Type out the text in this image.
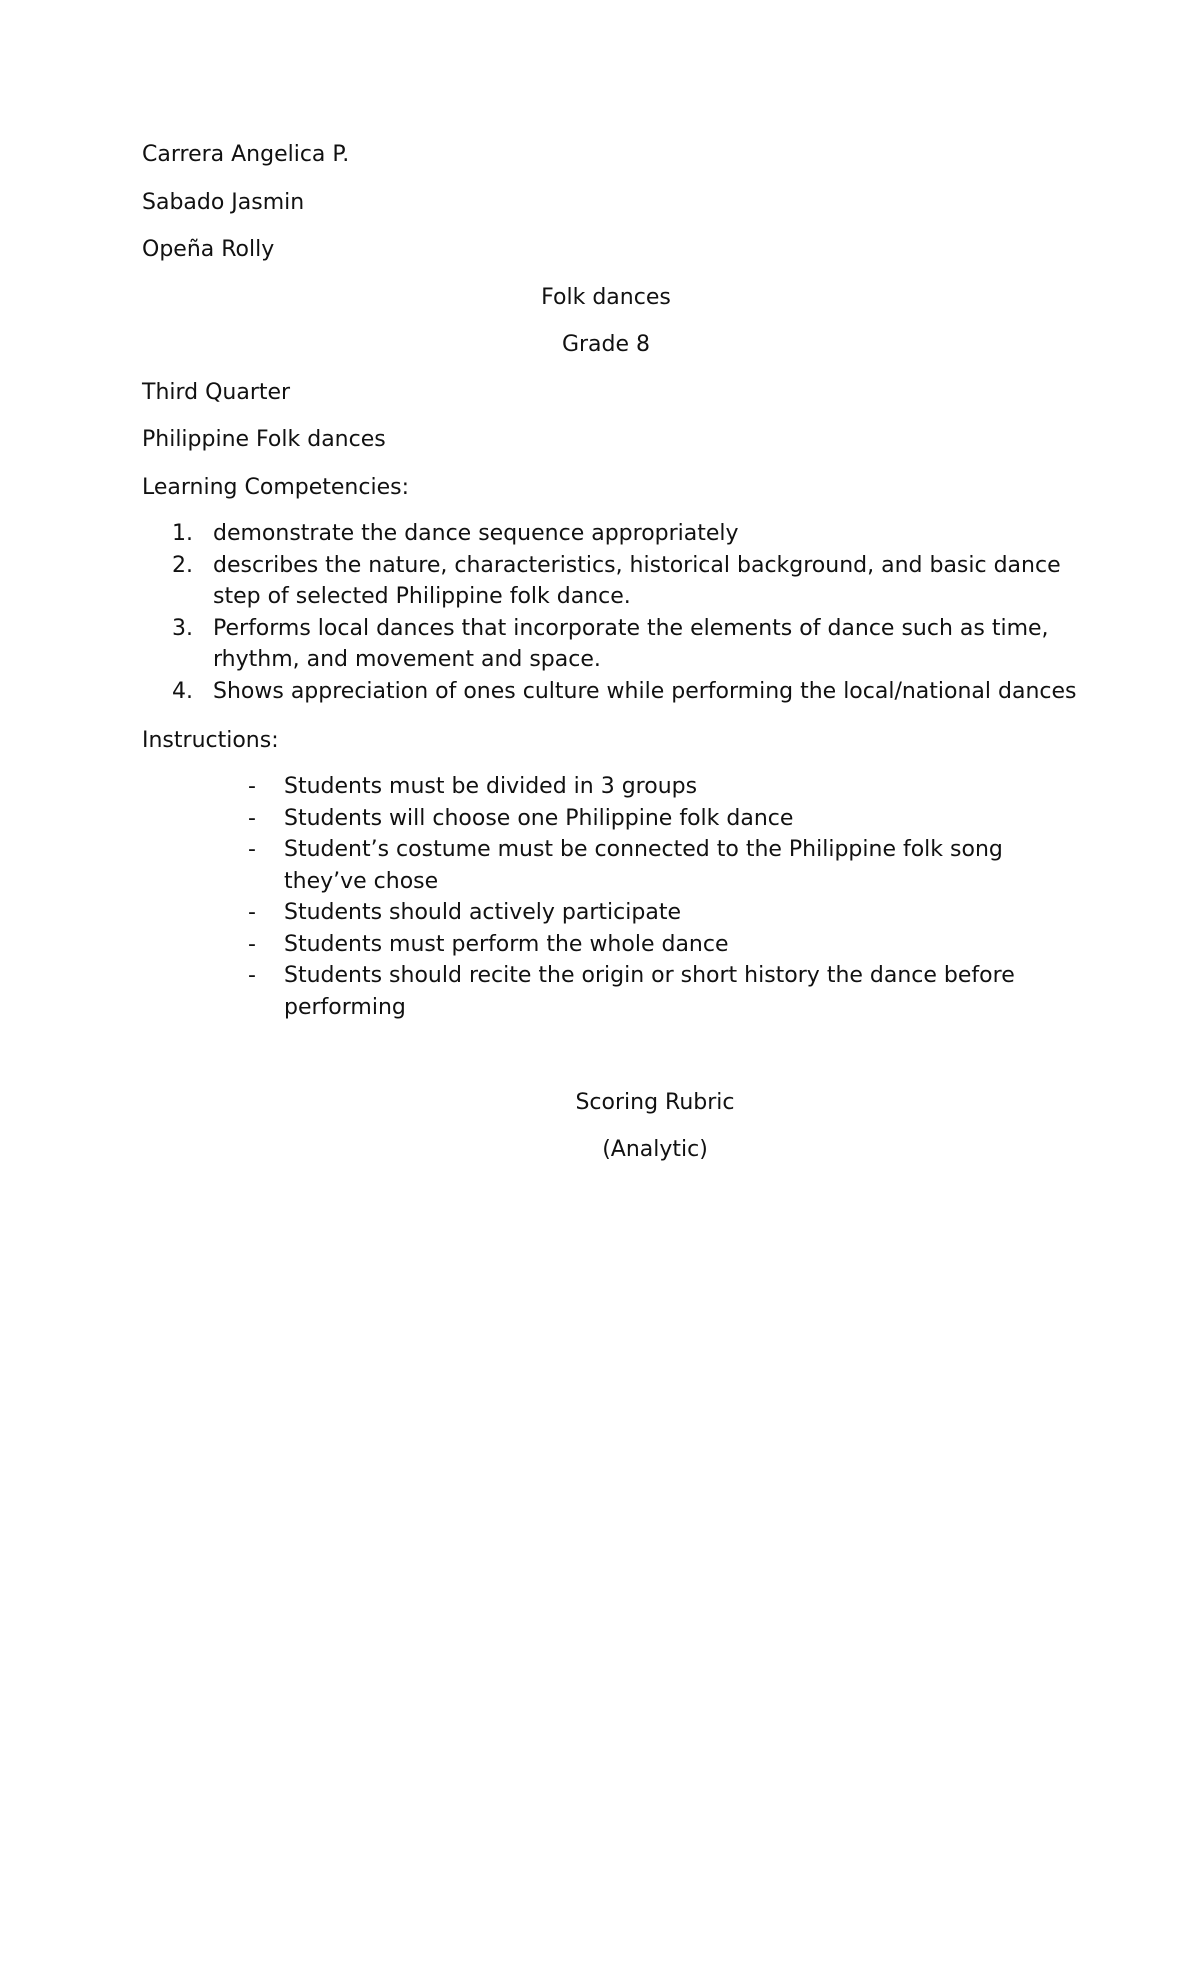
Carrera Angelica P.
Sabado Jasmin
Opeña Rolly
Folk dances
Grade 8
Third Quarter
Philippine Folk dances
Learning Competencies:
1. demonstrate the dance sequence appropriately
2. describes the nature, characteristics, historical background, and basic dance step of selected Philippine folk dance.
3. Performs local dances that incorporate the elements of dance such as time, rhythm, and movement and space.
4. Shows appreciation of ones culture while performing the local/national dances
Instructions:
- Students must be divided in 3 groups
- Students will choose one Philippine folk dance
- Student’s costume must be connected to the Philippine folk song they’ve chose
- Students should actively participate
- Students must perform the whole dance
- Students should recite the origin or short history the dance before performing
Scoring Rubric
(Analytic)
